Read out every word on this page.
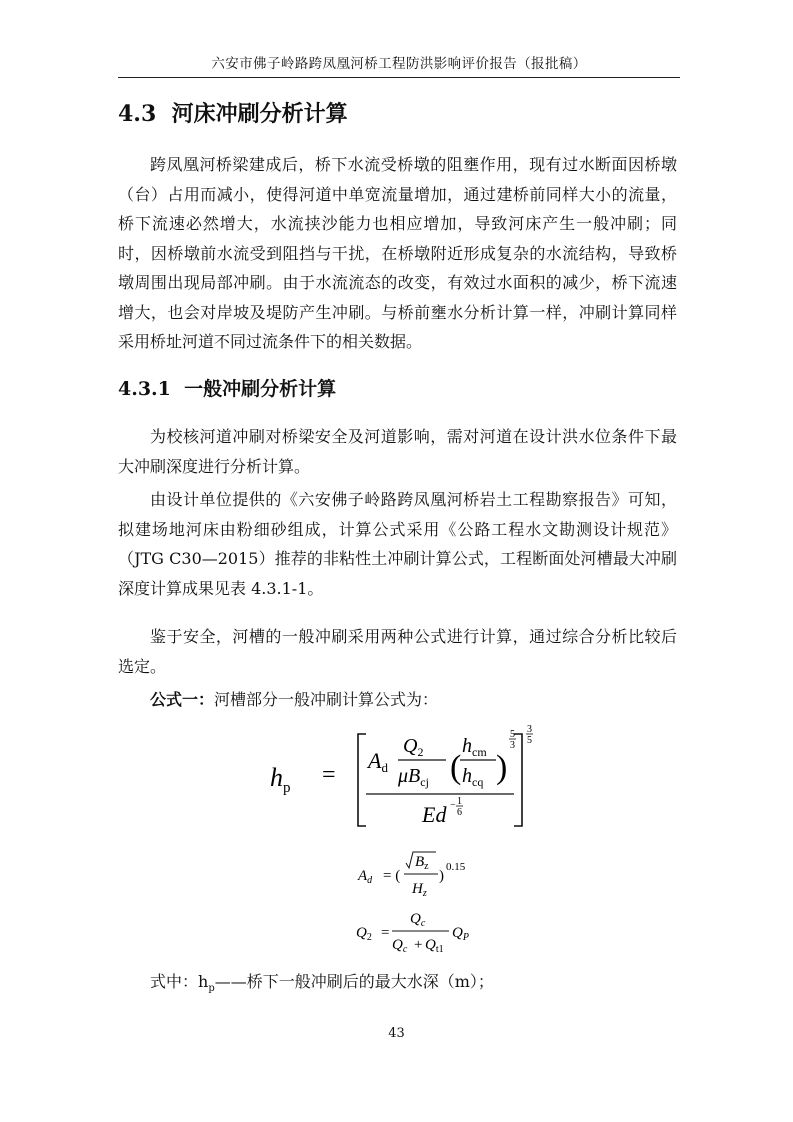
六安市佛子岭路跨凤凰河桥工程防洪影响评价报告（报批稿）
4.3 河床冲刷分析计算

跨凤凰河桥梁建成后，桥下水流受桥墩的阻壅作用，现有过水断面因桥墩（台）占用而减小，使得河道中单宽流量增加，通过建桥前同样大小的流量，桥下流速必然增大，水流挟沙能力也相应增加，导致河床产生一般冲刷；同时，因桥墩前水流受到阻挡与干扰，在桥墩附近形成复杂的水流结构，导致桥墩周围出现局部冲刷。由于水流流态的改变，有效过水面积的减少，桥下流速增大，也会对岸坡及堤防产生冲刷。与桥前壅水分析计算一样，冲刷计算同样采用桥址河道不同过流条件下的相关数据。

4.3.1 一般冲刷分析计算

为校核河道冲刷对桥梁安全及河道影响，需对河道在设计洪水位条件下最大冲刷深度进行分析计算。

由设计单位提供的《六安佛子岭路跨凤凰河桥岩土工程勘察报告》可知，拟建场地河床由粉细砂组成，计算公式采用《公路工程水文勘测设计规范》（JTG C30—2015）推荐的非粘性土冲刷计算公式，工程断面处河槽最大冲刷深度计算成果见表 4.3.1-1。

鉴于安全，河槽的一般冲刷采用两种公式进行计算，通过综合分析比较后选定。

公式一：河槽部分一般冲刷计算公式为：

$h_p$ =
Ad
$Q_2$
$\mu B_{cj}$ (
$h_{cm}$
$h_{cq}$ )
5
3
Ed − 1
6
3
5
$A_d$ = (
$B_z$
$H_z$
)
0.15
$Q_2$ =
$Q_c$
$Q_c + Q_{t1}$
$Q_P$

式中：$h_p——$桥下一般冲刷后的最大水深（m）；

43
